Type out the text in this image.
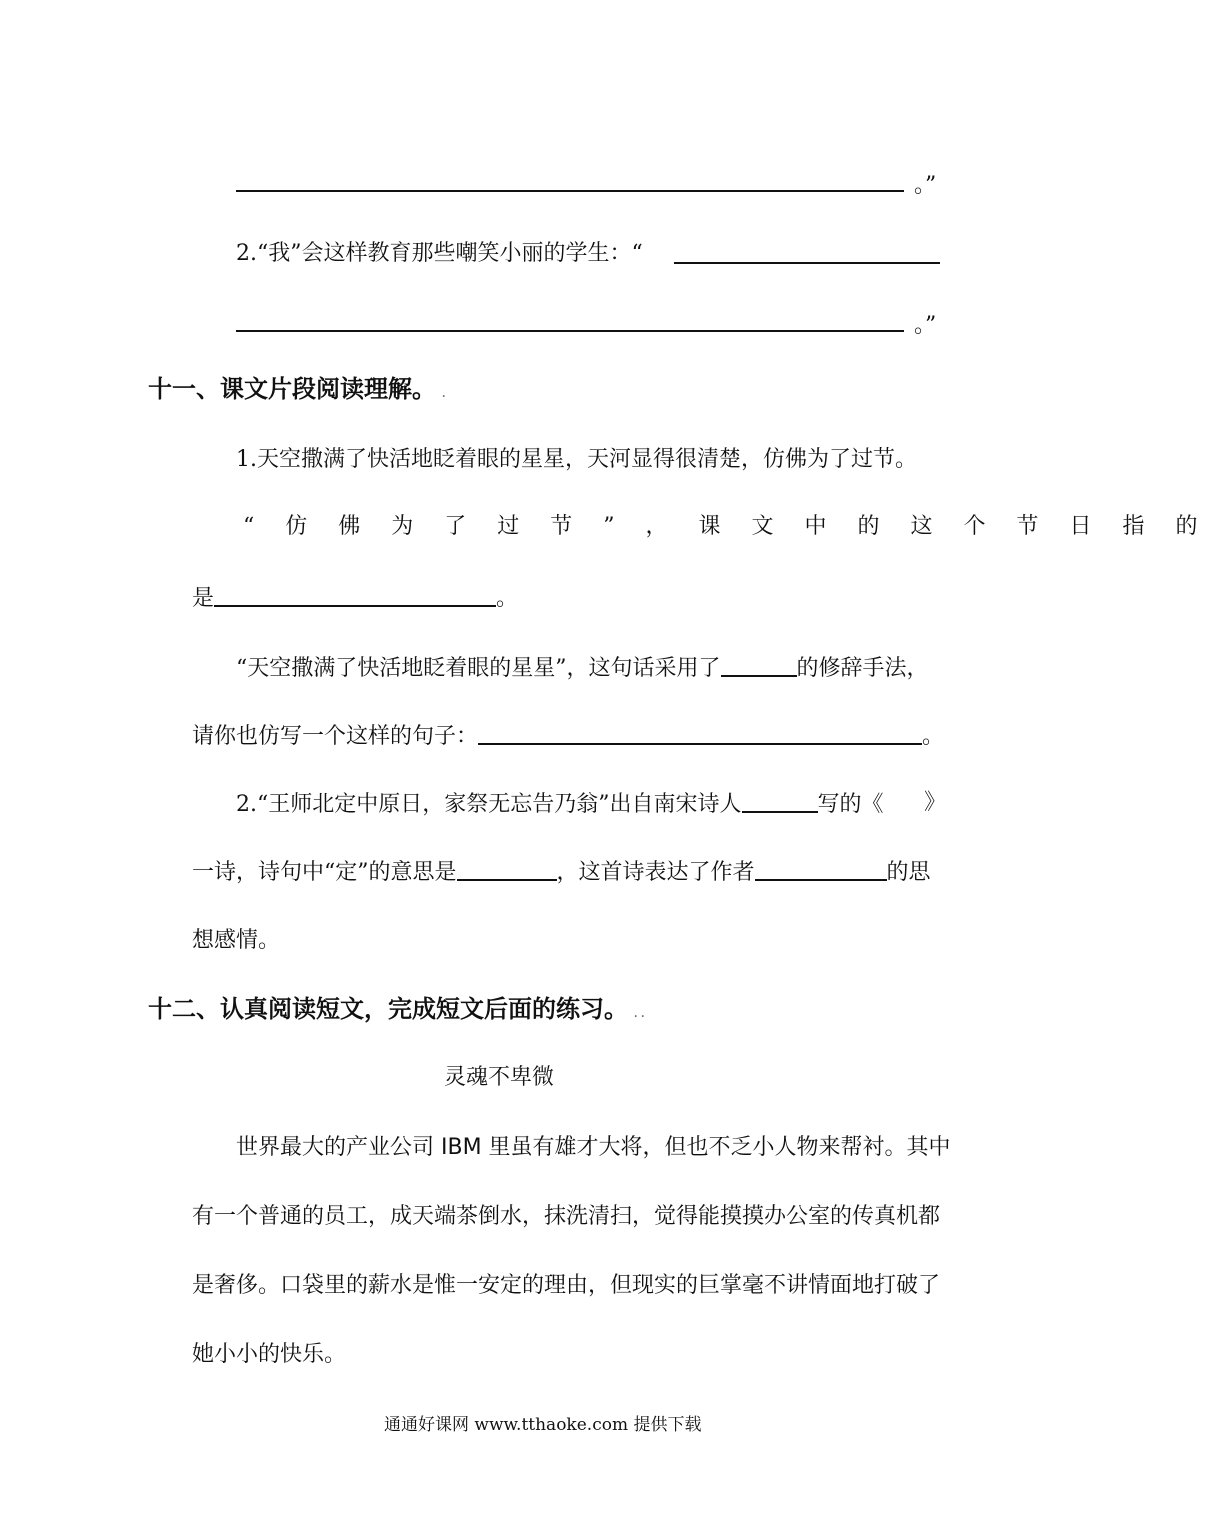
。”
2.“我”会这样教育那些嘲笑小丽的学生：“
。”
十一、课文片段阅读理解。 .
1.天空撒满了快活地眨着眼的星星，天河显得很清楚，仿佛为了过节。
“仿佛为了过节”，课文中的这个节日指的
是	。
“天空撒满了快活地眨着眼的星星”，这句话采用了	的修辞手法，
请你也仿写一个这样的句子：	。
2.“王师北定中原日，家祭无忘告乃翁”出自南宋诗人	写的《 》
一诗，诗句中“定”的意思是	，这首诗表达了作者	的思
想感情。
十二、认真阅读短文，完成短文后面的练习。 . .
灵魂不卑微
世界最大的产业公司 IBM 里虽有雄才大将，但也不乏小人物来帮衬。其中
有一个普通的员工，成天端茶倒水，抹洗清扫，觉得能摸摸办公室的传真机都
是奢侈。口袋里的薪水是惟一安定的理由，但现实的巨掌毫不讲情面地打破了
她小小的快乐。
通通好课网 www.tthaoke.com 提供下载
